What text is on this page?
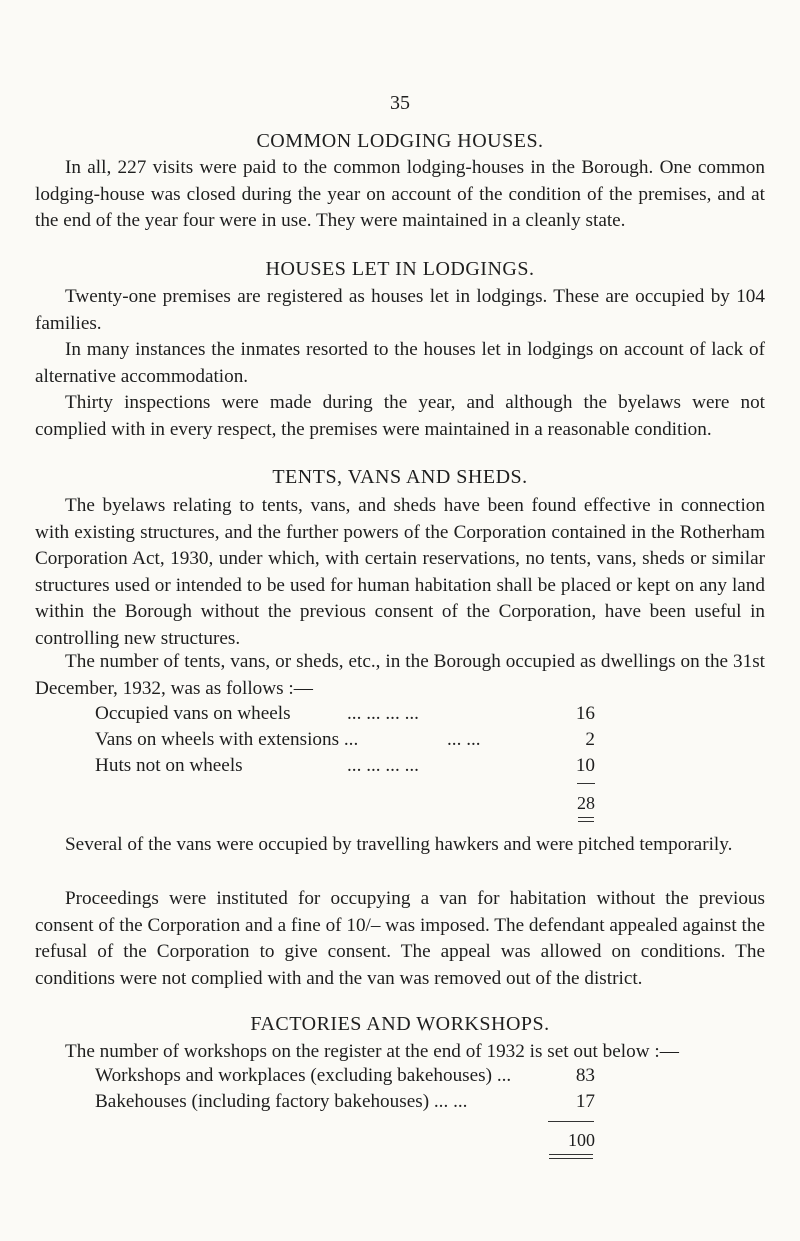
35
COMMON LODGING HOUSES.

In all, 227 visits were paid to the common lodging-houses in the Borough. One common lodging-house was closed during the year on account of the condition of the premises, and at the end of the year four were in use. They were maintained in a cleanly state.

HOUSES LET IN LODGINGS.

Twenty-one premises are registered as houses let in lodgings. These are occupied by 104 families.

In many instances the inmates resorted to the houses let in lodgings on account of lack of alternative accommodation.

Thirty inspections were made during the year, and although the byelaws were not complied with in every respect, the premises were maintained in a reasonable condition.

TENTS, VANS AND SHEDS.

The byelaws relating to tents, vans, and sheds have been found effective in connection with existing structures, and the further powers of the Corporation contained in the Rotherham Corporation Act, 1930, under which, with certain reservations, no tents, vans, sheds or similar structures used or intended to be used for human habitation shall be placed or kept on any land within the Borough without the previous consent of the Corporation, have been useful in controlling new structures.

The number of tents, vans, or sheds, etc., in the Borough occupied as dwellings on the 31st December, 1932, was as follows :—

Occupied vans on wheels	... ... ... ...	16
Vans on wheels with extensions ...	... ...	2
Huts not on wheels	... ... ... ...	10
28

Several of the vans were occupied by travelling hawkers and were pitched temporarily.

Proceedings were instituted for occupying a van for habitation without the previous consent of the Corporation and a fine of 10/– was imposed. The defendant appealed against the refusal of the Corporation to give consent. The appeal was allowed on conditions. The conditions were not complied with and the van was removed out of the district.

FACTORIES AND WORKSHOPS.

The number of workshops on the register at the end of 1932 is set out below :—

Workshops and workplaces (excluding bakehouses) ...	83
Bakehouses (including factory bakehouses) ... ...	17
100
